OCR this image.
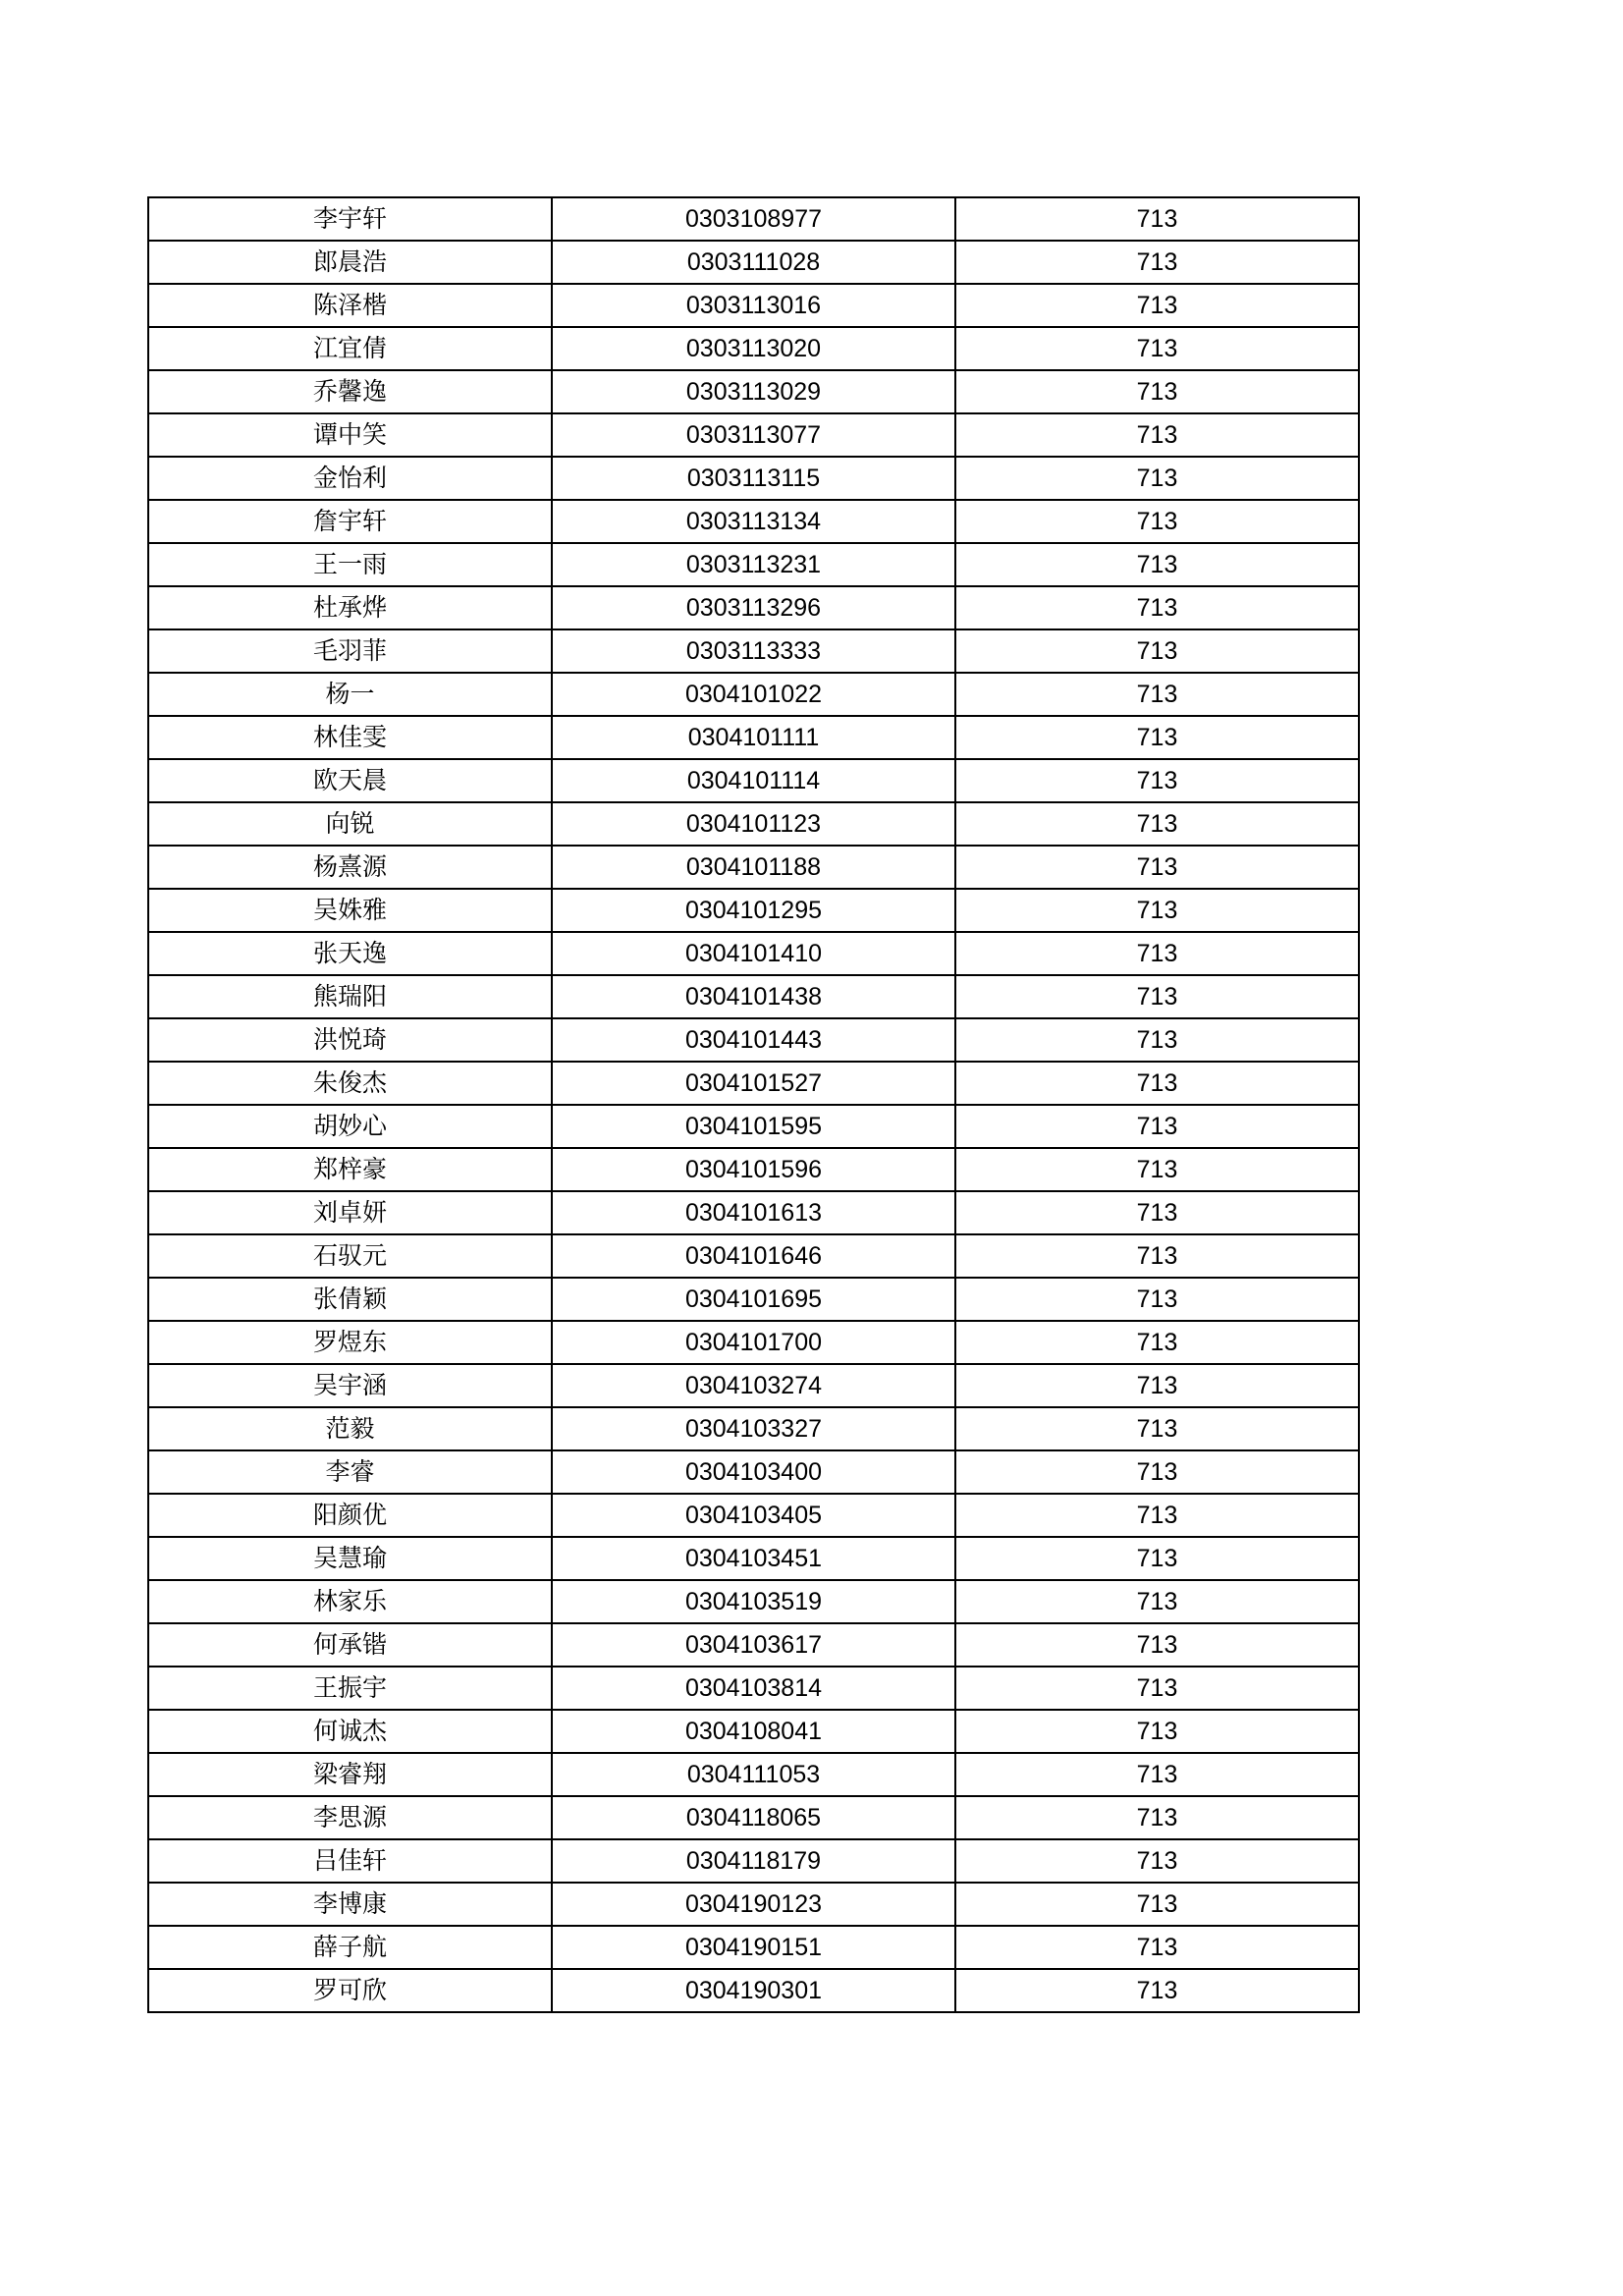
李宇轩	0303108977	713
郎晨浩	0303111028	713
陈泽楷	0303113016	713
江宜倩	0303113020	713
乔馨逸	0303113029	713
谭中笑	0303113077	713
金怡利	0303113115	713
詹宇轩	0303113134	713
王一雨	0303113231	713
杜承烨	0303113296	713
毛羽菲	0303113333	713
杨一	0304101022	713
林佳雯	0304101111	713
欧天晨	0304101114	713
向锐	0304101123	713
杨熹源	0304101188	713
吴姝雅	0304101295	713
张天逸	0304101410	713
熊瑞阳	0304101438	713
洪悦琦	0304101443	713
朱俊杰	0304101527	713
胡妙心	0304101595	713
郑梓豪	0304101596	713
刘卓妍	0304101613	713
石驭元	0304101646	713
张倩颖	0304101695	713
罗煜东	0304101700	713
吴宇涵	0304103274	713
范毅	0304103327	713
李睿	0304103400	713
阳颜优	0304103405	713
吴慧瑜	0304103451	713
林家乐	0304103519	713
何承锴	0304103617	713
王振宇	0304103814	713
何诚杰	0304108041	713
梁睿翔	0304111053	713
李思源	0304118065	713
吕佳轩	0304118179	713
李博康	0304190123	713
薛子航	0304190151	713
罗可欣	0304190301	713
